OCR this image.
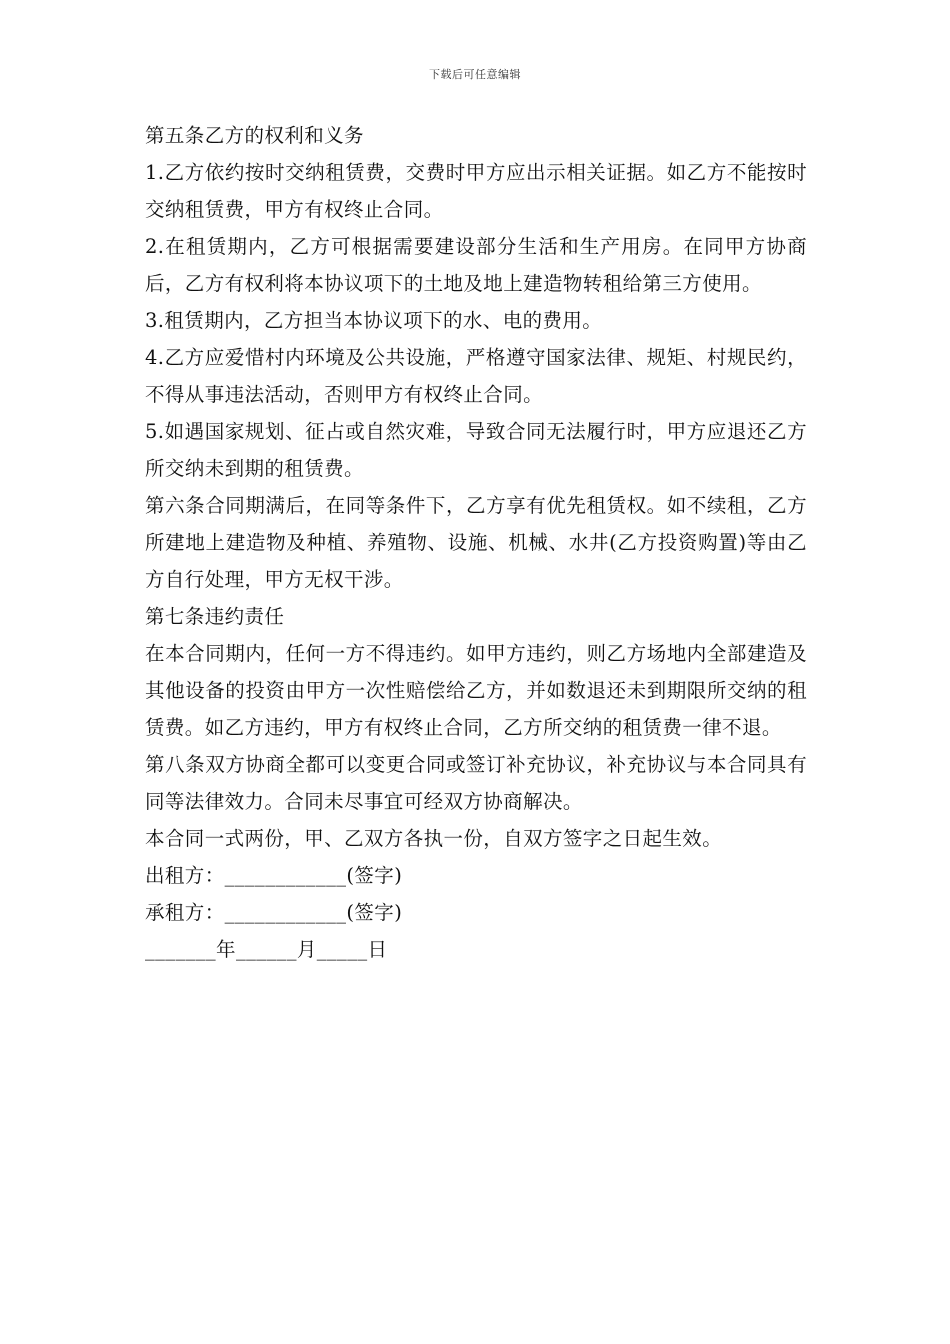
下载后可任意编辑

第五条乙方的权利和义务

1.乙方依约按时交纳租赁费，交费时甲方应出示相关证据。如乙方不能按时交纳租赁费，甲方有权终止合同。

2.在租赁期内，乙方可根据需要建设部分生活和生产用房。在同甲方协商后，乙方有权利将本协议项下的土地及地上建造物转租给第三方使用。

3.租赁期内，乙方担当本协议项下的水、电的费用。

4.乙方应爱惜村内环境及公共设施，严格遵守国家法律、规矩、村规民约，不得从事违法活动，否则甲方有权终止合同。

5.如遇国家规划、征占或自然灾难，导致合同无法履行时，甲方应退还乙方所交纳未到期的租赁费。

第六条合同期满后，在同等条件下，乙方享有优先租赁权。如不续租，乙方所建地上建造物及种植、养殖物、设施、机械、水井(乙方投资购置)等由乙方自行处理，甲方无权干涉。

第七条违约责任

在本合同期内，任何一方不得违约。如甲方违约，则乙方场地内全部建造及其他设备的投资由甲方一次性赔偿给乙方，并如数退还未到期限所交纳的租赁费。如乙方违约，甲方有权终止合同，乙方所交纳的租赁费一律不退。

第八条双方协商全都可以变更合同或签订补充协议，补充协议与本合同具有同等法律效力。合同未尽事宜可经双方协商解决。

本合同一式两份，甲、乙双方各执一份，自双方签字之日起生效。

出租方：____________(签字)

承租方：____________(签字)

_______年______月_____日
